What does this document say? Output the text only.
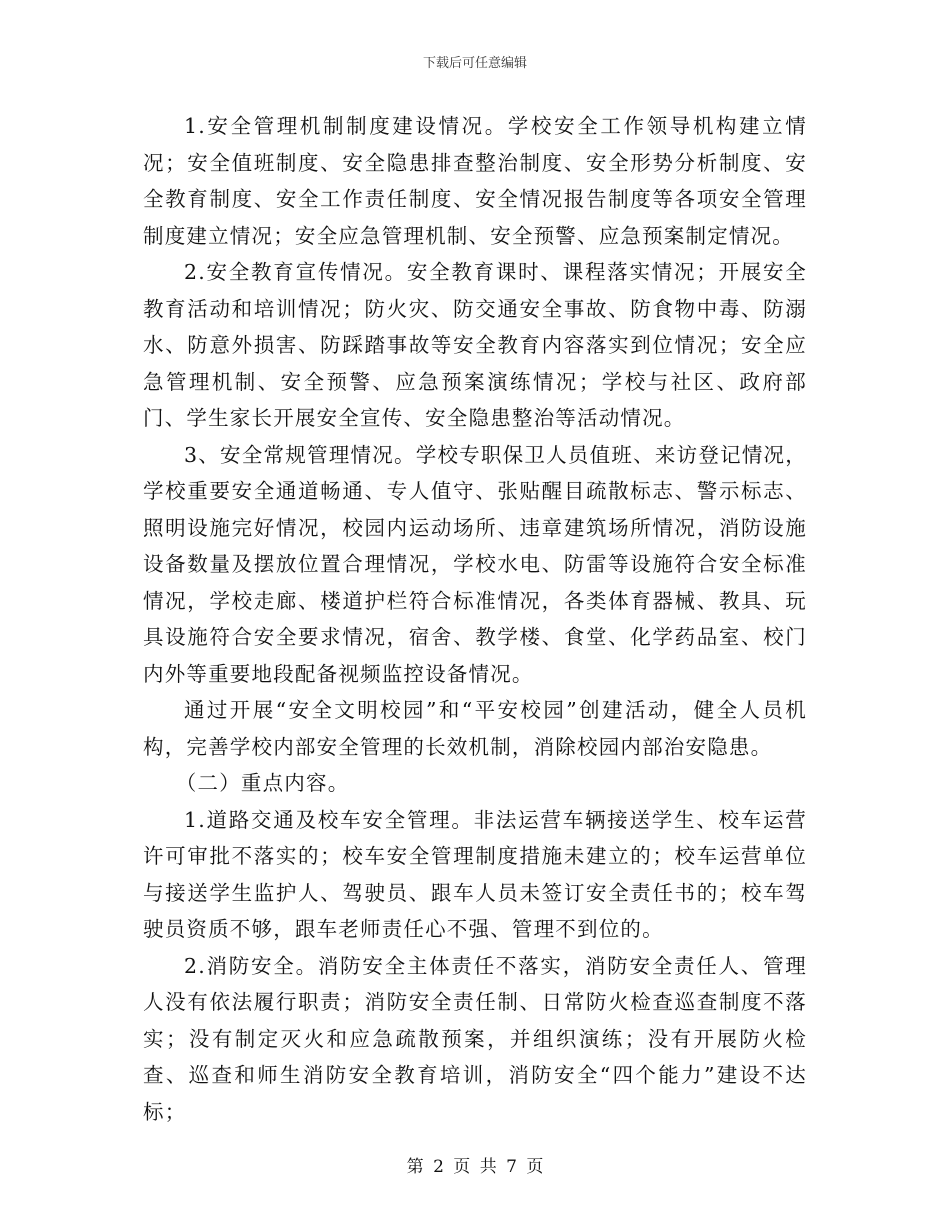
下载后可任意编辑

1.安全管理机制制度建设情况。学校安全工作领导机构建立情况；安全值班制度、安全隐患排查整治制度、安全形势分析制度、安全教育制度、安全工作责任制度、安全情况报告制度等各项安全管理制度建立情况；安全应急管理机制、安全预警、应急预案制定情况。

2.安全教育宣传情况。安全教育课时、课程落实情况；开展安全教育活动和培训情况；防火灾、防交通安全事故、防食物中毒、防溺水、防意外损害、防踩踏事故等安全教育内容落实到位情况；安全应急管理机制、安全预警、应急预案演练情况；学校与社区、政府部门、学生家长开展安全宣传、安全隐患整治等活动情况。

3、安全常规管理情况。学校专职保卫人员值班、来访登记情况，学校重要安全通道畅通、专人值守、张贴醒目疏散标志、警示标志、照明设施完好情况，校园内运动场所、违章建筑场所情况，消防设施设备数量及摆放位置合理情况，学校水电、防雷等设施符合安全标准情况，学校走廊、楼道护栏符合标准情况，各类体育器械、教具、玩具设施符合安全要求情况，宿舍、教学楼、食堂、化学药品室、校门内外等重要地段配备视频监控设备情况。

通过开展“安全文明校园”和“平安校园”创建活动，健全人员机构，完善学校内部安全管理的长效机制，消除校园内部治安隐患。

（二）重点内容。

1.道路交通及校车安全管理。非法运营车辆接送学生、校车运营许可审批不落实的；校车安全管理制度措施未建立的；校车运营单位与接送学生监护人、驾驶员、跟车人员未签订安全责任书的；校车驾驶员资质不够，跟车老师责任心不强、管理不到位的。

2.消防安全。消防安全主体责任不落实，消防安全责任人、管理人没有依法履行职责；消防安全责任制、日常防火检查巡查制度不落实；没有制定灭火和应急疏散预案，并组织演练；没有开展防火检查、巡查和师生消防安全教育培训，消防安全“四个能力”建设不达标；

第 2 页 共 7 页
